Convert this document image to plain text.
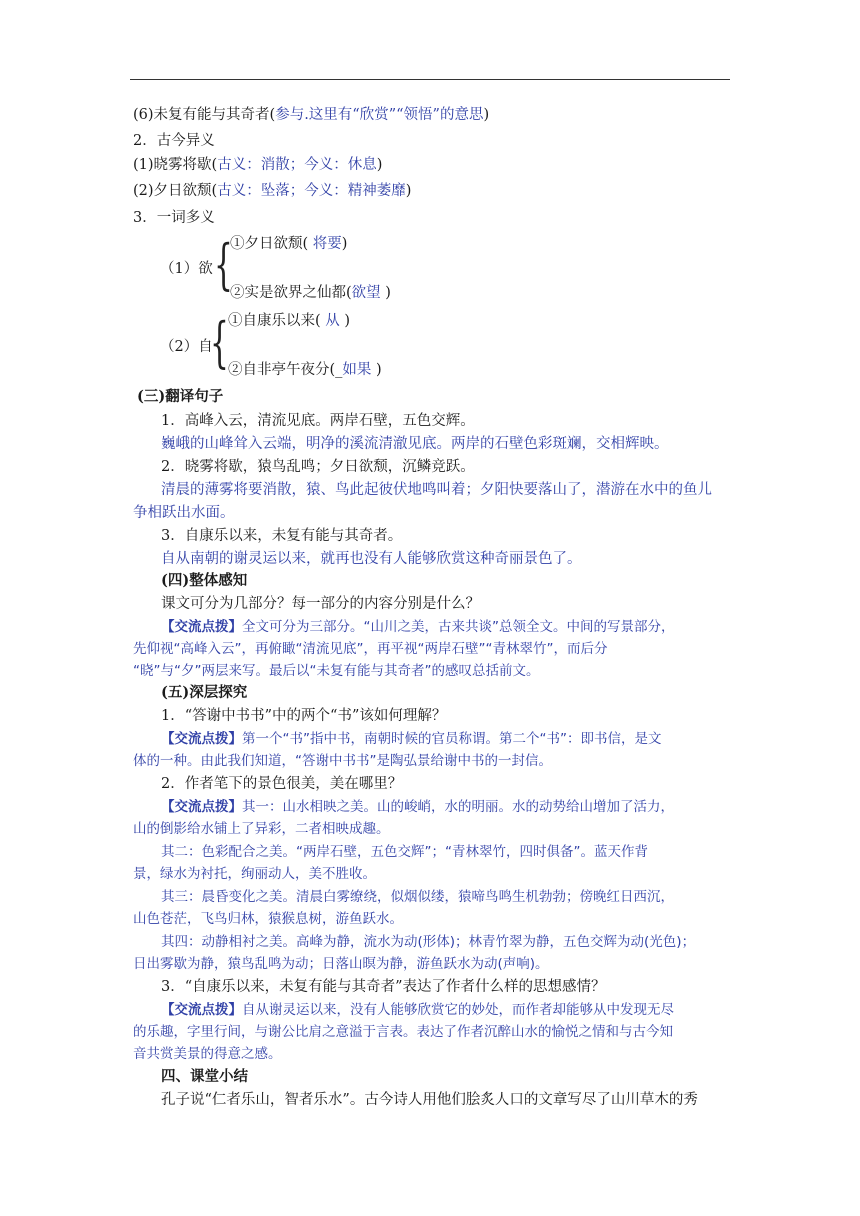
(6)未复有能与其奇者(参与.这里有“欣赏”“领悟”的意思)
2．古今异义
(1)晓雾将歇(古义：消散；今义：休息)
(2)夕日欲颓(古义：坠落；今义：精神萎靡)
3．一词多义
（1）欲 {
①夕日欲颓( 将要)
②实是欲界之仙都(欲望 )
（2）自
{ ①自康乐以来( 从 )
②自非亭午夜分(_如果 )
(三)翻译句子
1．高峰入云，清流见底。两岸石壁，五色交辉。
巍峨的山峰耸入云端，明净的溪流清澈见底。两岸的石壁色彩斑斓，交相辉映。
2．晓雾将歇，猿鸟乱鸣；夕日欲颓，沉鳞竞跃。
清晨的薄雾将要消散，猿、鸟此起彼伏地鸣叫着；夕阳快要落山了，潜游在水中的鱼儿
争相跃出水面。
3．自康乐以来，未复有能与其奇者。
自从南朝的谢灵运以来，就再也没有人能够欣赏这种奇丽景色了。
(四)整体感知
课文可分为几部分？每一部分的内容分别是什么？
【交流点拨】全文可分为三部分。“山川之美，古来共谈”总领全文。中间的写景部分，
先仰视“高峰入云”，再俯瞰“清流见底”，再平视“两岸石壁”“青林翠竹”，而后分
“晓”与“夕”两层来写。最后以“未复有能与其奇者”的感叹总括前文。
(五)深层探究
1．“答谢中书书”中的两个“书”该如何理解？
【交流点拨】第一个“书”指中书，南朝时候的官员称谓。第二个“书”：即书信，是文
体的一种。由此我们知道，“答谢中书书”是陶弘景给谢中书的一封信。
2．作者笔下的景色很美，美在哪里？
【交流点拨】其一：山水相映之美。山的峻峭，水的明丽。水的动势给山增加了活力，
山的倒影给水铺上了异彩，二者相映成趣。
其二：色彩配合之美。“两岸石壁，五色交辉”；“青林翠竹，四时俱备”。蓝天作背
景，绿水为衬托，绚丽动人，美不胜收。
其三：晨昏变化之美。清晨白雾缭绕，似烟似缕，猿啼鸟鸣生机勃勃；傍晚红日西沉，
山色苍茫，飞鸟归林，猿猴息树，游鱼跃水。
其四：动静相衬之美。高峰为静，流水为动(形体)；林青竹翠为静，五色交辉为动(光色)；
日出雾歇为静，猿鸟乱鸣为动；日落山暝为静，游鱼跃水为动(声响)。
3．“自康乐以来，未复有能与其奇者”表达了作者什么样的思想感情？
【交流点拨】自从谢灵运以来，没有人能够欣赏它的妙处，而作者却能够从中发现无尽
的乐趣，字里行间，与谢公比肩之意溢于言表。表达了作者沉醉山水的愉悦之情和与古今知
音共赏美景的得意之感。
四、课堂小结
孔子说“仁者乐山，智者乐水”。古今诗人用他们脍炙人口的文章写尽了山川草木的秀
